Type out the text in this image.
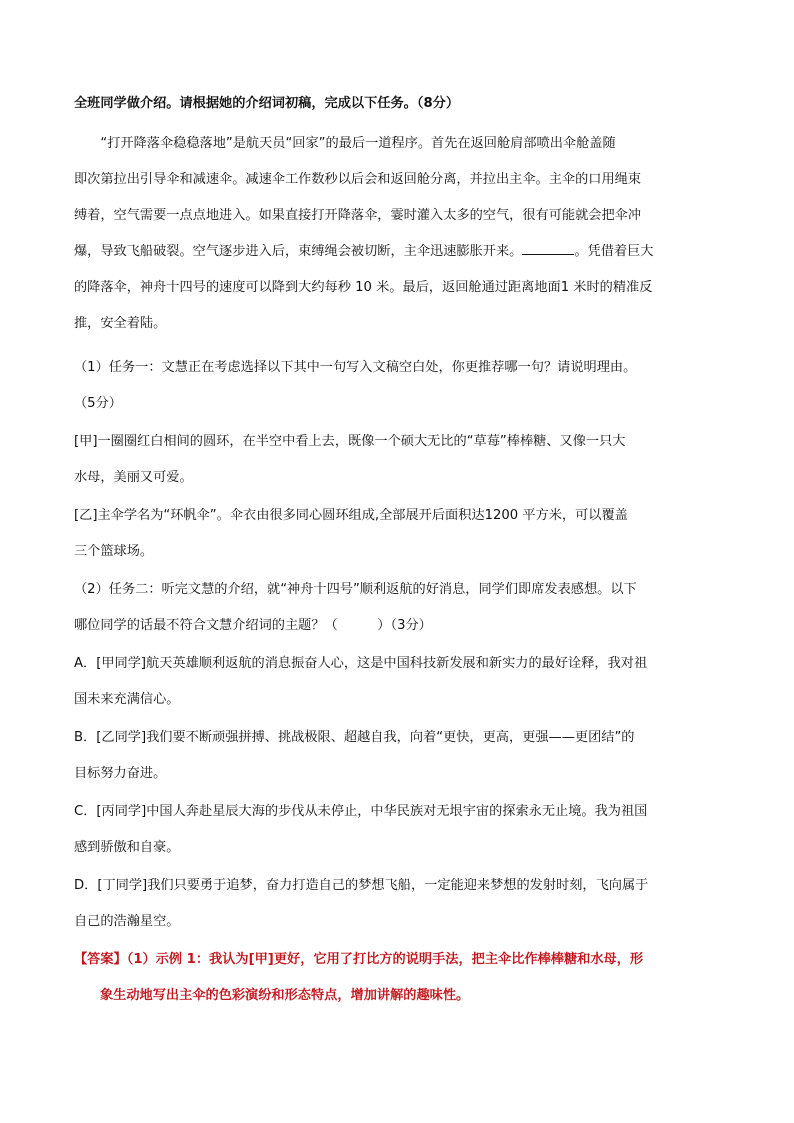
全班同学做介绍。请根据她的介绍词初稿，完成以下任务。（8分）
　　“打开降落伞稳稳落地”是航天员“回家”的最后一道程序。首先在返回舱肩部喷出伞舱盖随
即次第拉出引导伞和减速伞。减速伞工作数秒以后会和返回舱分离，并拉出主伞。主伞的口用绳束
缚着，空气需要一点点地进入。如果直接打开降落伞，霎时灌入太多的空气，很有可能就会把伞冲
爆，导致飞船破裂。空气逐步进入后，束缚绳会被切断，主伞迅速膨胀开来。	。凭借着巨大
的降落伞，神舟十四号的速度可以降到大约每秒 10 米。最后，返回舱通过距离地面1 米时的精准反
推，安全着陆。
（1）任务一：文慧正在考虑选择以下其中一句写入文稿空白处，你更推荐哪一句？请说明理由。
（5分）
[甲]一圈圈红白相间的圆环，在半空中看上去，既像一个硕大无比的“草莓”棒棒糖、又像一只大
水母，美丽又可爱。
[乙]主伞学名为“环帆伞”。伞衣由很多同心圆环组成,全部展开后面积达1200 平方米，可以覆盖
三个篮球场。
（2）任务二：听完文慧的介绍，就“神舟十四号”顺利返航的好消息，同学们即席发表感想。以下
哪位同学的话最不符合文慧介绍词的主题？（　　　）（3分）
A．[甲同学]航天英雄顺利返航的消息振奋人心，这是中国科技新发展和新实力的最好诠释，我对祖
国未来充满信心。
B．[乙同学]我们要不断顽强拼搏、挑战极限、超越自我，向着“更快，更高，更强——更团结”的
目标努力奋进。
C．[丙同学]中国人奔赴星辰大海的步伐从未停止，中华民族对无垠宇宙的探索永无止境。我为祖国
感到骄傲和自豪。
D．[丁同学]我们只要勇于追梦，奋力打造自己的梦想飞船，一定能迎来梦想的发射时刻，飞向属于
自己的浩瀚星空。
【答案】（1）示例 1：我认为[甲]更好，它用了打比方的说明手法，把主伞比作棒棒糖和水母，形
象生动地写出主伞的色彩演纷和形态特点，增加讲解的趣味性。
